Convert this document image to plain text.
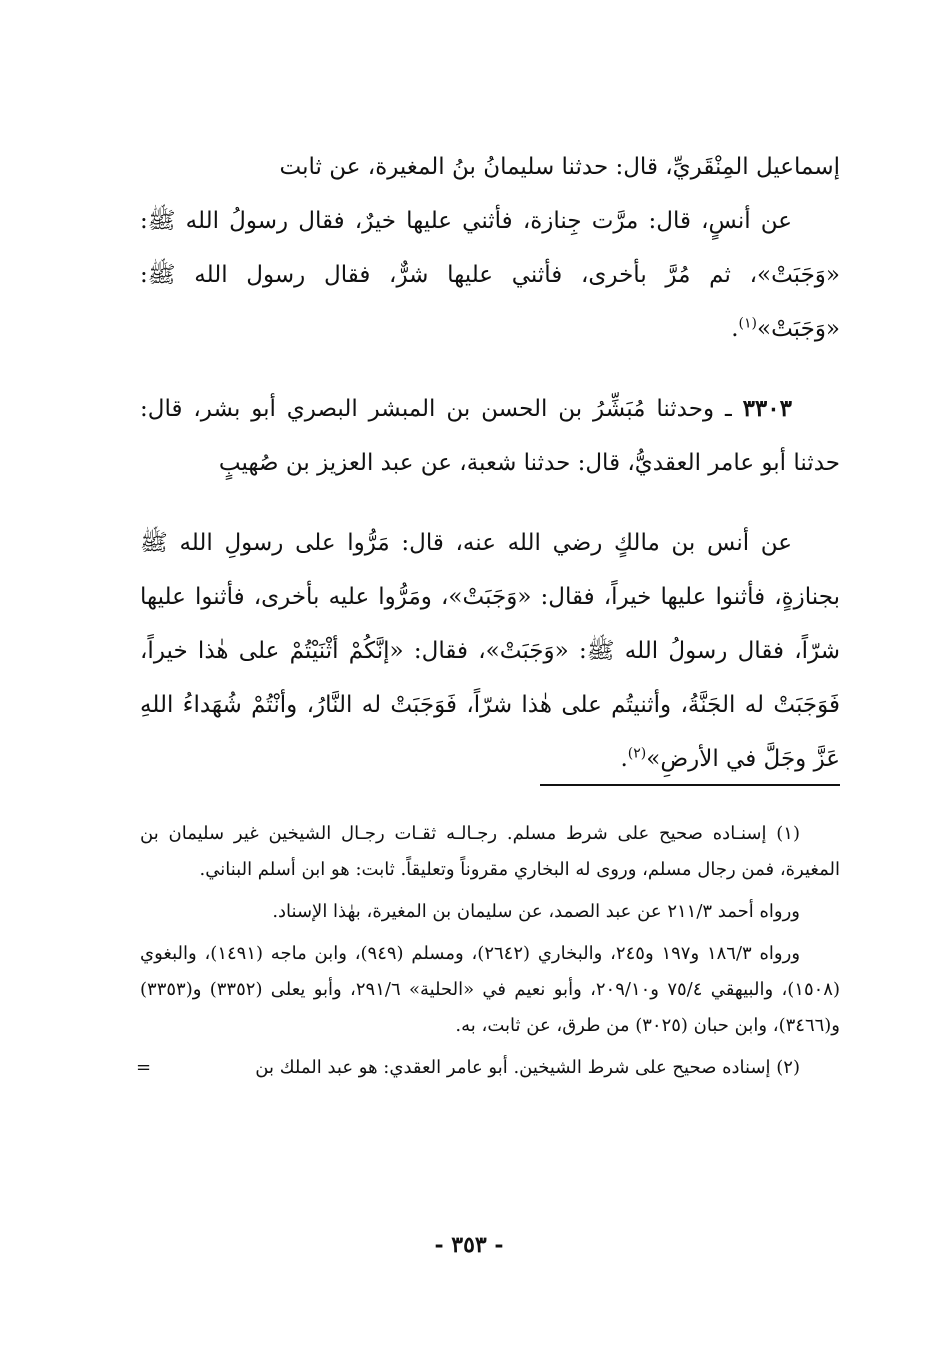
إسماعيل المِنْقَريِّ، قال: حدثنا سليمانُ بنُ المغيرة، عن ثابت

عن أنسٍ، قال: مرَّت جِنازة، فأثني عليها خيرٌ، فقال رسولُ الله ﷺ: «وَجَبَتْ»، ثم مُرَّ بأخرى، فأثني عليها شرٌّ، فقال رسول الله ﷺ: «وَجَبَتْ»$^{(١)}$.

٣٣٠٣ ـ وحدثنا مُبَشِّرُ بن الحسن بن المبشر البصري أبو بشر، قال: حدثنا أبو عامر العقديُّ، قال: حدثنا شعبة، عن عبد العزيز بن صُهيبٍ

عن أنس بن مالكٍ رضي الله عنه، قال: مَرُّوا على رسولِ الله ﷺ بجنازةٍ، فأثنوا عليها خيراً، فقال: «وَجَبَتْ»، ومَرُّوا عليه بأخرى، فأثنوا عليها شرّاً، فقال رسولُ الله ﷺ: «وَجَبَتْ»، فقال: «إنَّكُمْ أثْنَيْتُمْ على هٰذا خيراً، فَوَجَبَتْ له الجَنَّةُ، وأثنيتُم على هٰذا شرّاً، فَوَجَبَتْ له النَّارُ، وأنْتُمْ شُهَداءُ اللهِ عَزَّ وجَلَّ في الأرضِ»$^{(٢)}$.

(١) إسنـاده صحيح على شرط مسلم. رجـالـه ثقـات رجـال الشيخين غير سليمان بن المغيرة، فمن رجال مسلم، وروى له البخاري مقروناً وتعليقاً. ثابت: هو ابن أسلم البناني.

ورواه أحمد ٢١١/٣ عن عبد الصمد، عن سليمان بن المغيرة، بهٰذا الإسناد.

ورواه ١٨٦/٣ و١٩٧ و٢٤٥، والبخاري (٢٦٤٢)، ومسلم (٩٤٩)، وابن ماجه (١٤٩١)، والبغوي (١٥٠٨)، والبيهقي ٧٥/٤ و٢٠٩/١٠، وأبو نعيم في «الحلية» ٢٩١/٦، وأبو يعلى (٣٣٥٢) و(٣٣٥٣) و(٣٤٦٦)، وابن حبان (٣٠٢٥) من طرق، عن ثابت، به.

(٢) إسناده صحيح على شرط الشيخين. أبو عامر العقدي: هو عبد الملك بن
=

- ٣٥٣ -
